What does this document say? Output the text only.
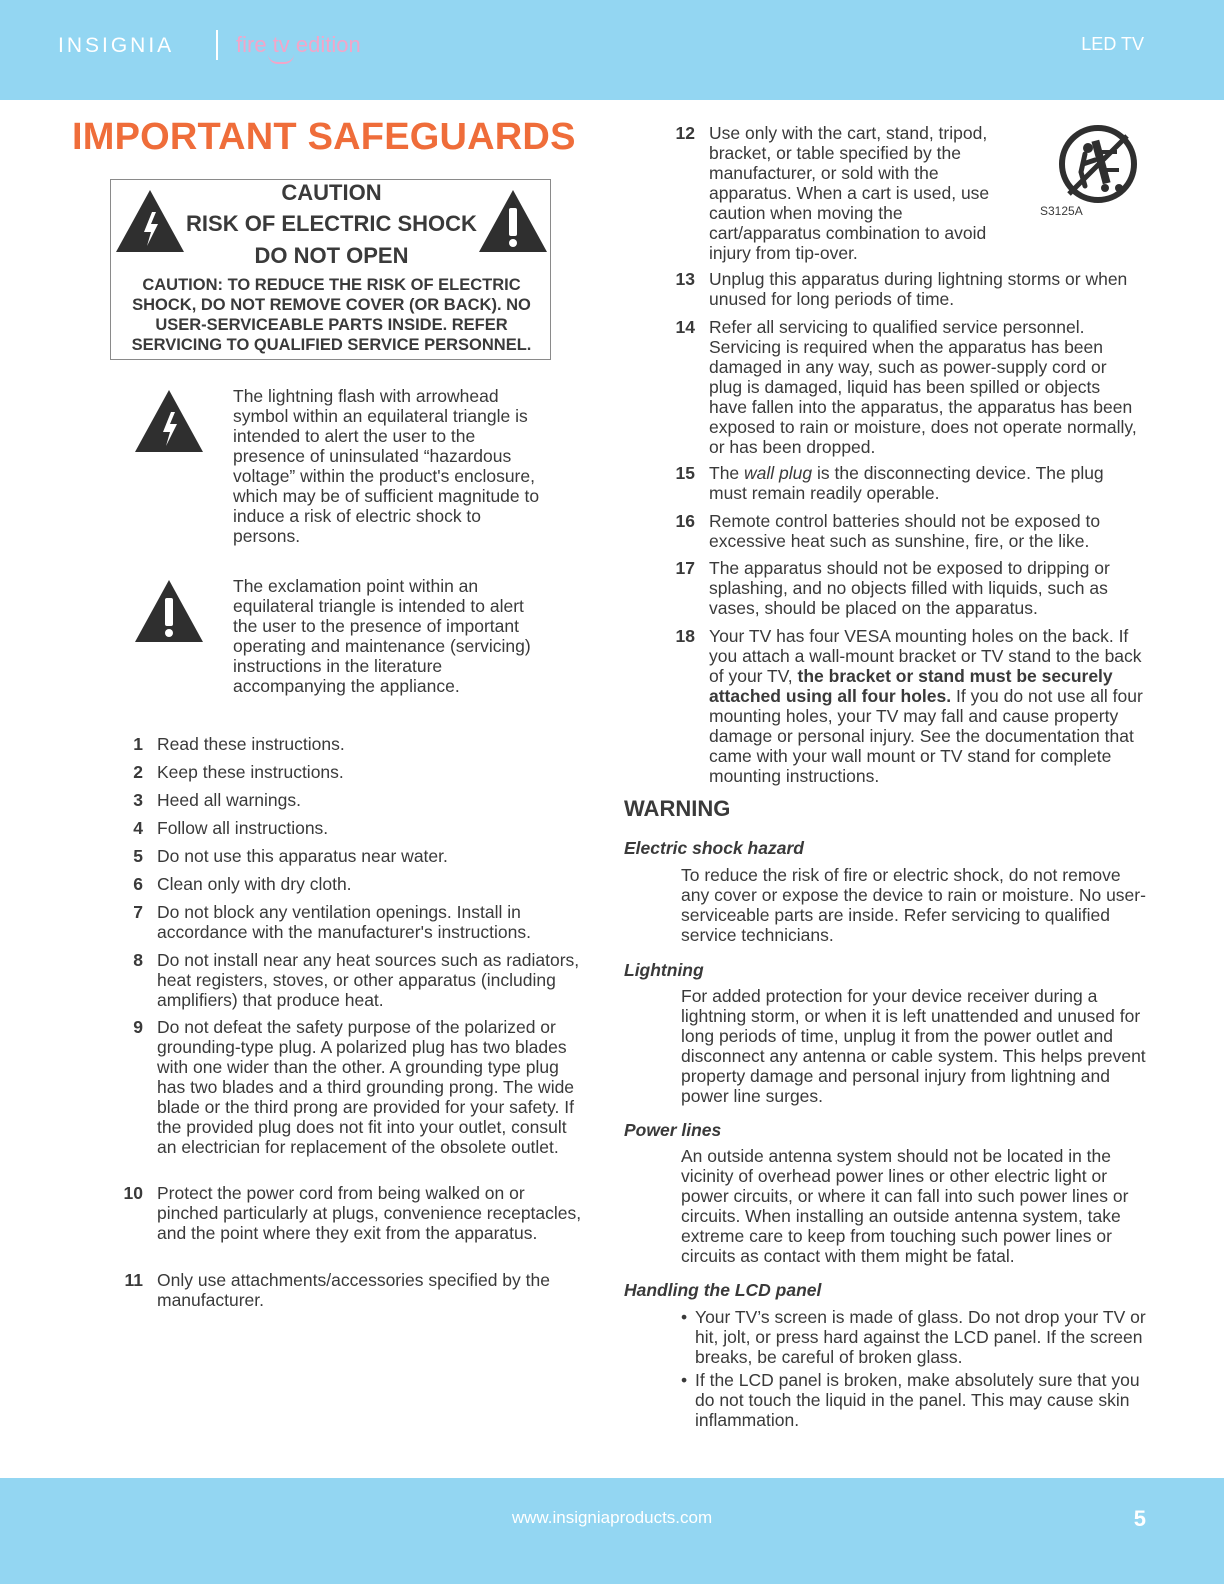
INSIGNIA	fire tv edition	LED TV
IMPORTANT SAFEGUARDS
CAUTION
RISK OF ELECTRIC SHOCK
DO NOT OPEN
CAUTION: TO REDUCE THE RISK OF ELECTRIC SHOCK, DO NOT REMOVE COVER (OR BACK). NO USER-SERVICEABLE PARTS INSIDE. REFER SERVICING TO QUALIFIED SERVICE PERSONNEL.
The lightning flash with arrowhead symbol within an equilateral triangle is intended to alert the user to the presence of uninsulated “hazardous voltage” within the product's enclosure, which may be of sufficient magnitude to induce a risk of electric shock to persons.
The exclamation point within an equilateral triangle is intended to alert the user to the presence of important operating and maintenance (servicing) instructions in the literature accompanying the appliance.
1 Read these instructions.
2 Keep these instructions.
3 Heed all warnings.
4 Follow all instructions.
5 Do not use this apparatus near water.
6 Clean only with dry cloth.
7 Do not block any ventilation openings. Install in accordance with the manufacturer's instructions.
8 Do not install near any heat sources such as radiators, heat registers, stoves, or other apparatus (including amplifiers) that produce heat.
9 Do not defeat the safety purpose of the polarized or grounding-type plug. A polarized plug has two blades with one wider than the other. A grounding type plug has two blades and a third grounding prong. The wide blade or the third prong are provided for your safety. If the provided plug does not fit into your outlet, consult an electrician for replacement of the obsolete outlet.
10 Protect the power cord from being walked on or pinched particularly at plugs, convenience receptacles, and the point where they exit from the apparatus.
11 Only use attachments/accessories specified by the manufacturer.
12 Use only with the cart, stand, tripod, bracket, or table specified by the manufacturer, or sold with the apparatus. When a cart is used, use caution when moving the cart/apparatus combination to avoid injury from tip-over.
S3125A
13 Unplug this apparatus during lightning storms or when unused for long periods of time.
14 Refer all servicing to qualified service personnel. Servicing is required when the apparatus has been damaged in any way, such as power-supply cord or plug is damaged, liquid has been spilled or objects have fallen into the apparatus, the apparatus has been exposed to rain or moisture, does not operate normally, or has been dropped.
15 The wall plug is the disconnecting device. The plug must remain readily operable.
16 Remote control batteries should not be exposed to excessive heat such as sunshine, fire, or the like.
17 The apparatus should not be exposed to dripping or splashing, and no objects filled with liquids, such as vases, should be placed on the apparatus.
18 Your TV has four VESA mounting holes on the back. If you attach a wall-mount bracket or TV stand to the back of your TV, the bracket or stand must be securely attached using all four holes. If you do not use all four mounting holes, your TV may fall and cause property damage or personal injury. See the documentation that came with your wall mount or TV stand for complete mounting instructions.
WARNING
Electric shock hazard
To reduce the risk of fire or electric shock, do not remove any cover or expose the device to rain or moisture. No user-serviceable parts are inside. Refer servicing to qualified service technicians.
Lightning
For added protection for your device receiver during a lightning storm, or when it is left unattended and unused for long periods of time, unplug it from the power outlet and disconnect any antenna or cable system. This helps prevent property damage and personal injury from lightning and power line surges.
Power lines
An outside antenna system should not be located in the vicinity of overhead power lines or other electric light or power circuits, or where it can fall into such power lines or circuits. When installing an outside antenna system, take extreme care to keep from touching such power lines or circuits as contact with them might be fatal.
Handling the LCD panel
• Your TV’s screen is made of glass. Do not drop your TV or hit, jolt, or press hard against the LCD panel. If the screen breaks, be careful of broken glass.
• If the LCD panel is broken, make absolutely sure that you do not touch the liquid in the panel. This may cause skin inflammation.
www.insigniaproducts.com	5
